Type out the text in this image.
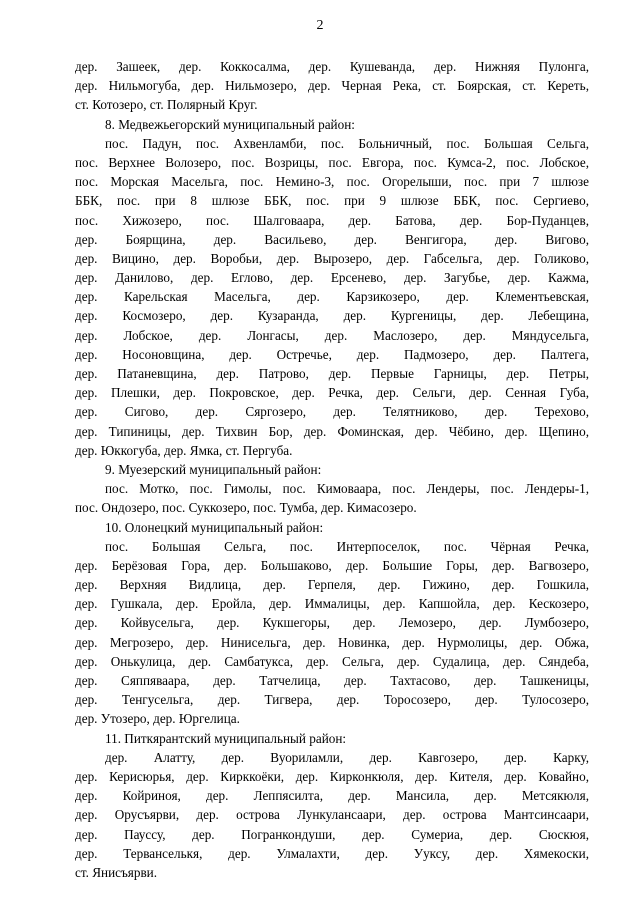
2
дер. Зашеек, дер. Коккосалма, дер. Кушеванда, дер. Нижняя Пулонга,
дер. Нильмогуба, дер. Нильмозеро, дер. Черная Река, ст. Боярская, ст. Кереть,
ст. Котозеро, ст. Полярный Круг.
8. Медвежьегорский муниципальный район:
пос. Падун, пос. Ахвенламби, пос. Больничный, пос. Большая Сельга,
пос. Верхнее Волозеро, пос. Возрицы, пос. Евгора, пос. Кумса-2, пос. Лобское,
пос. Морская Масельга, пос. Немино-3, пос. Огорелыши, пос. при 7 шлюзе
ББК, пос. при 8 шлюзе ББК, пос. при 9 шлюзе ББК, пос. Сергиево,
пос. Хижозеро, пос. Шалговаара, дер. Батова, дер. Бор-Пуданцев,
дер. Боярщина, дер. Васильево, дер. Венгигора, дер. Вигово,
дер. Вицино, дер. Воробьи, дер. Вырозеро, дер. Габсельга, дер. Голиково,
дер. Данилово, дер. Еглово, дер. Ерсенево, дер. Загубье, дер. Кажма,
дер. Карельская Масельга, дер. Карзикозеро, дер. Клементьевская,
дер. Космозеро, дер. Кузаранда, дер. Кургеницы, дер. Лебещина,
дер. Лобское, дер. Лонгасы, дер. Маслозеро, дер. Мяндусельга,
дер. Носоновщина, дер. Остречье, дер. Падмозеро, дер. Палтега,
дер. Патаневщина, дер. Патрово, дер. Первые Гарницы, дер. Петры,
дер. Плешки, дер. Покровское, дер. Речка, дер. Сельги, дер. Сенная Губа,
дер. Сигово, дер. Сяргозеро, дер. Телятниково, дер. Терехово,
дер. Типиницы, дер. Тихвин Бор, дер. Фоминская, дер. Чёбино, дер. Щепино,
дер. Юккогуба, дер. Ямка, ст. Пергуба.
9. Муезерский муниципальный район:
пос. Мотко, пос. Гимолы, пос. Кимоваара, пос. Лендеры, пос. Лендеры-1,
пос. Ондозеро, пос. Суккозеро, пос. Тумба, дер. Кимасозеро.
10. Олонецкий муниципальный район:
пос. Большая Сельга, пос. Интерпоселок, пос. Чёрная Речка,
дер. Берёзовая Гора, дер. Большаково, дер. Большие Горы, дер. Вагвозеро,
дер. Верхняя Видлица, дер. Герпеля, дер. Гижино, дер. Гошкила,
дер. Гушкала, дер. Еройла, дер. Иммалицы, дер. Капшойла, дер. Кескозеро,
дер. Койвусельга, дер. Кукшегоры, дер. Лемозеро, дер. Лумбозеро,
дер. Мегрозеро, дер. Нинисельга, дер. Новинка, дер. Нурмолицы, дер. Обжа,
дер. Онькулица, дер. Самбатукса, дер. Сельга, дер. Судалица, дер. Сяндеба,
дер. Сяппяваара, дер. Татчелица, дер. Тахтасово, дер. Ташкеницы,
дер. Тенгусельга, дер. Тигвера, дер. Торосозеро, дер. Тулосозеро,
дер. Утозеро, дер. Юргелица.
11. Питкярантский муниципальный район:
дер. Алатту, дер. Вуориламли, дер. Кавгозеро, дер. Карку,
дер. Керисюрья, дер. Кирккоёки, дер. Кирконкюля, дер. Кителя, дер. Ковайно,
дер. Койриноя, дер. Леппясилта, дер. Мансила, дер. Метсякюля,
дер. Орусъярви, дер. острова Лункулансаари, дер. острова Мантсинсаари,
дер. Пауссу, дер. Погранкондуши, дер. Сумериа, дер. Сюскюя,
дер. Терванселькя, дер. Улмалахти, дер. Ууксу, дер. Хямекоски,
ст. Янисъярви.
